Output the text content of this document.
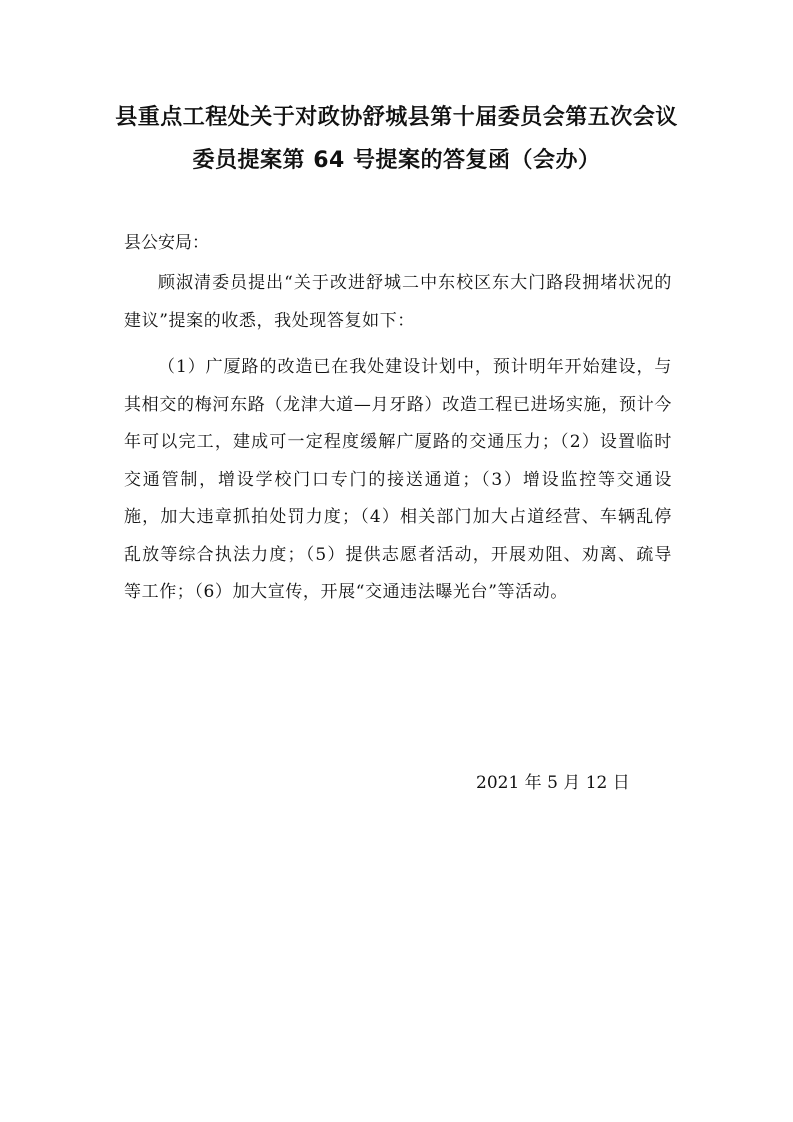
县重点工程处关于对政协舒城县第十届委员会第五次会议
委员提案第 64 号提案的答复函（会办）
县公安局：

顾淑清委员提出“关于改进舒城二中东校区东大门路段拥堵状况的建议”提案的收悉，我处现答复如下：

（1）广厦路的改造已在我处建设计划中，预计明年开始建设，与其相交的梅河东路（龙津大道—月牙路）改造工程已进场实施，预计今年可以完工，建成可一定程度缓解广厦路的交通压力；（2）设置临时交通管制，增设学校门口专门的接送通道；（3）增设监控等交通设施，加大违章抓拍处罚力度；（4）相关部门加大占道经营、车辆乱停乱放等综合执法力度；（5）提供志愿者活动，开展劝阻、劝离、疏导等工作；（6）加大宣传，开展“交通违法曝光台”等活动。

2021 年 5 月 12 日
